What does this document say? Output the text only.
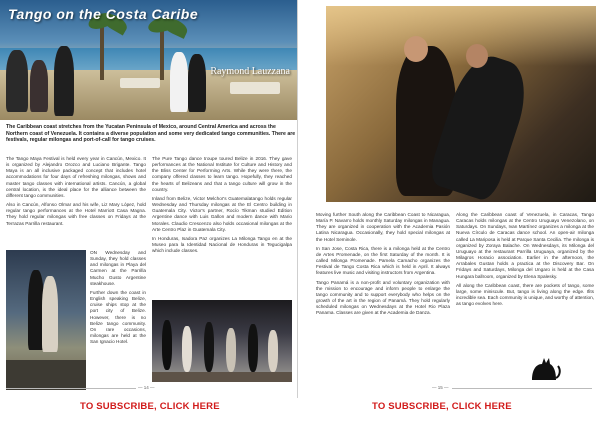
Tango on the Costa Caribe
Raymond Lauzzana
The Caribbean coast stretches from the Yucatan Peninsula of Mexico, around Central America and across the Northern coast of Venezuela. It contains a diverse population and some very dedicated tango communities. There are festivals, regular milongas and port-of-call for tango cruises.

The Tango Maya Festival is held every year in Cancún, Mexico. It is organized by Alejandro Orozco and Luciano Brigante. Tango Maya is an all inclusive packaged concept that includes hotel accommodations for four days of refreshing milongas, shows and master tango classes with international artists. Cancún, a global central location, is the ideal place for the alliance between the different tango communities.

Also in Cancún, Alfonso Olmar and his wife, Liz Mary López, hold regular tango performances at the Hotel Marriott Casa Magna. They hold regular milongas with free classes on Fridays at the Terrazas Parrilla restaurant.

ON Wednesday and Sunday, they hold classes and milongas in Playa del Carmen at the Parrilla Mucho Gusto Argentine steakhouse.

Further down the coast in English speaking Belize, cruise ships stop at the port city of Belize. However, there is no Belize tango community. On rare occasions, milongas are held at the San Ignacio Hotel.

The Pure Tango dance troupe toured Belize in 2016. They gave performances at the National Institute for Culture and History and the Bliss Center for Performing Arts. While they were there, the company offered classes to learn tango. Hopefully, they reached the hearts of Belizeans and that a tango culture will grow in the country.

Inland from Belize, Victor Melchor's Guatemalatango holds regular Wednesday and Thursday milongas at the El Centro building in Guatemala City. Victor's partner, Rocío Tikman studied Edition Argentine dance with Luis Gallon and modern dance with Mario Morales. Claudio Crescenzo also holds occasional milongas at the Arte Centro Plaz in Guatemala City.

In Honduras, Isadora Paz organizes La Milonga Tango en at the Museo para la Identidad Nacional de Honduras in Tegucigalpa which include classes.

— 14 —

Moving further South along the Caribbean Coast to Nicaragua, María P. Navarro holds monthly Saturday milongas in Managua. They are organized in cooperation with the Academia Pasión Latina Nicaragua. Occasionally, they hold special milongas at the Hotel Seminole.

In San Jose, Costa Rica, there is a milonga held at the Centro de Artes Promenade, on the first Saturday of the month. It is called Milonga Promenade. Pamela Camacho organizes the Festival de Tango Costa Rica which is held in April. It always features live music and visiting instructors from Argentina.

Tango Panamá is a non-profit and voluntary organization with the mission to encourage and inform people to enlarge the tango community and to support everybody who helps on the growth of the art in the region of Panamá. They hold regularly scheduled milongas on Wednesdays at the Hotel Rio Plaza Panama. Classes are given at the Academia de Danza.

Along the Caribbean coast of Venezuela, in Caracas, Tango Caracas holds milongas at the Centro Uruguayo Venezolano, on Saturdays. On Sundays, Ivan Martínez organizes a milonga at the Nueva Círculo de Caracas dance school. An open-air milonga called La Mariposa is held at Parque Santa Cecilia. The milonga is organized by Zoraya Balache. On Wednesdays, its Milonga del Uruguayo at the restaurant Parrilla Uruguaya, organized by the Milagros Horacio association. Earlier in the afternoon, the Arrabales Gustan holds a practica at the Discovery Bar. On Fridays and Saturdays, Milonga del Ungaro is held at the Casa Hungara ballroom, organized by Elena Spalesky.

All along the Caribbean coast, there are pockets of tango, some large, some miniscule. But, tango is living along the edge. Ifits incredible sea. Each community is unique, and worthy of attention, as tango evolves here.

— 15 —
TO SUBSCRIBE, CLICK HERE	TO SUBSCRIBE, CLICK HERE
